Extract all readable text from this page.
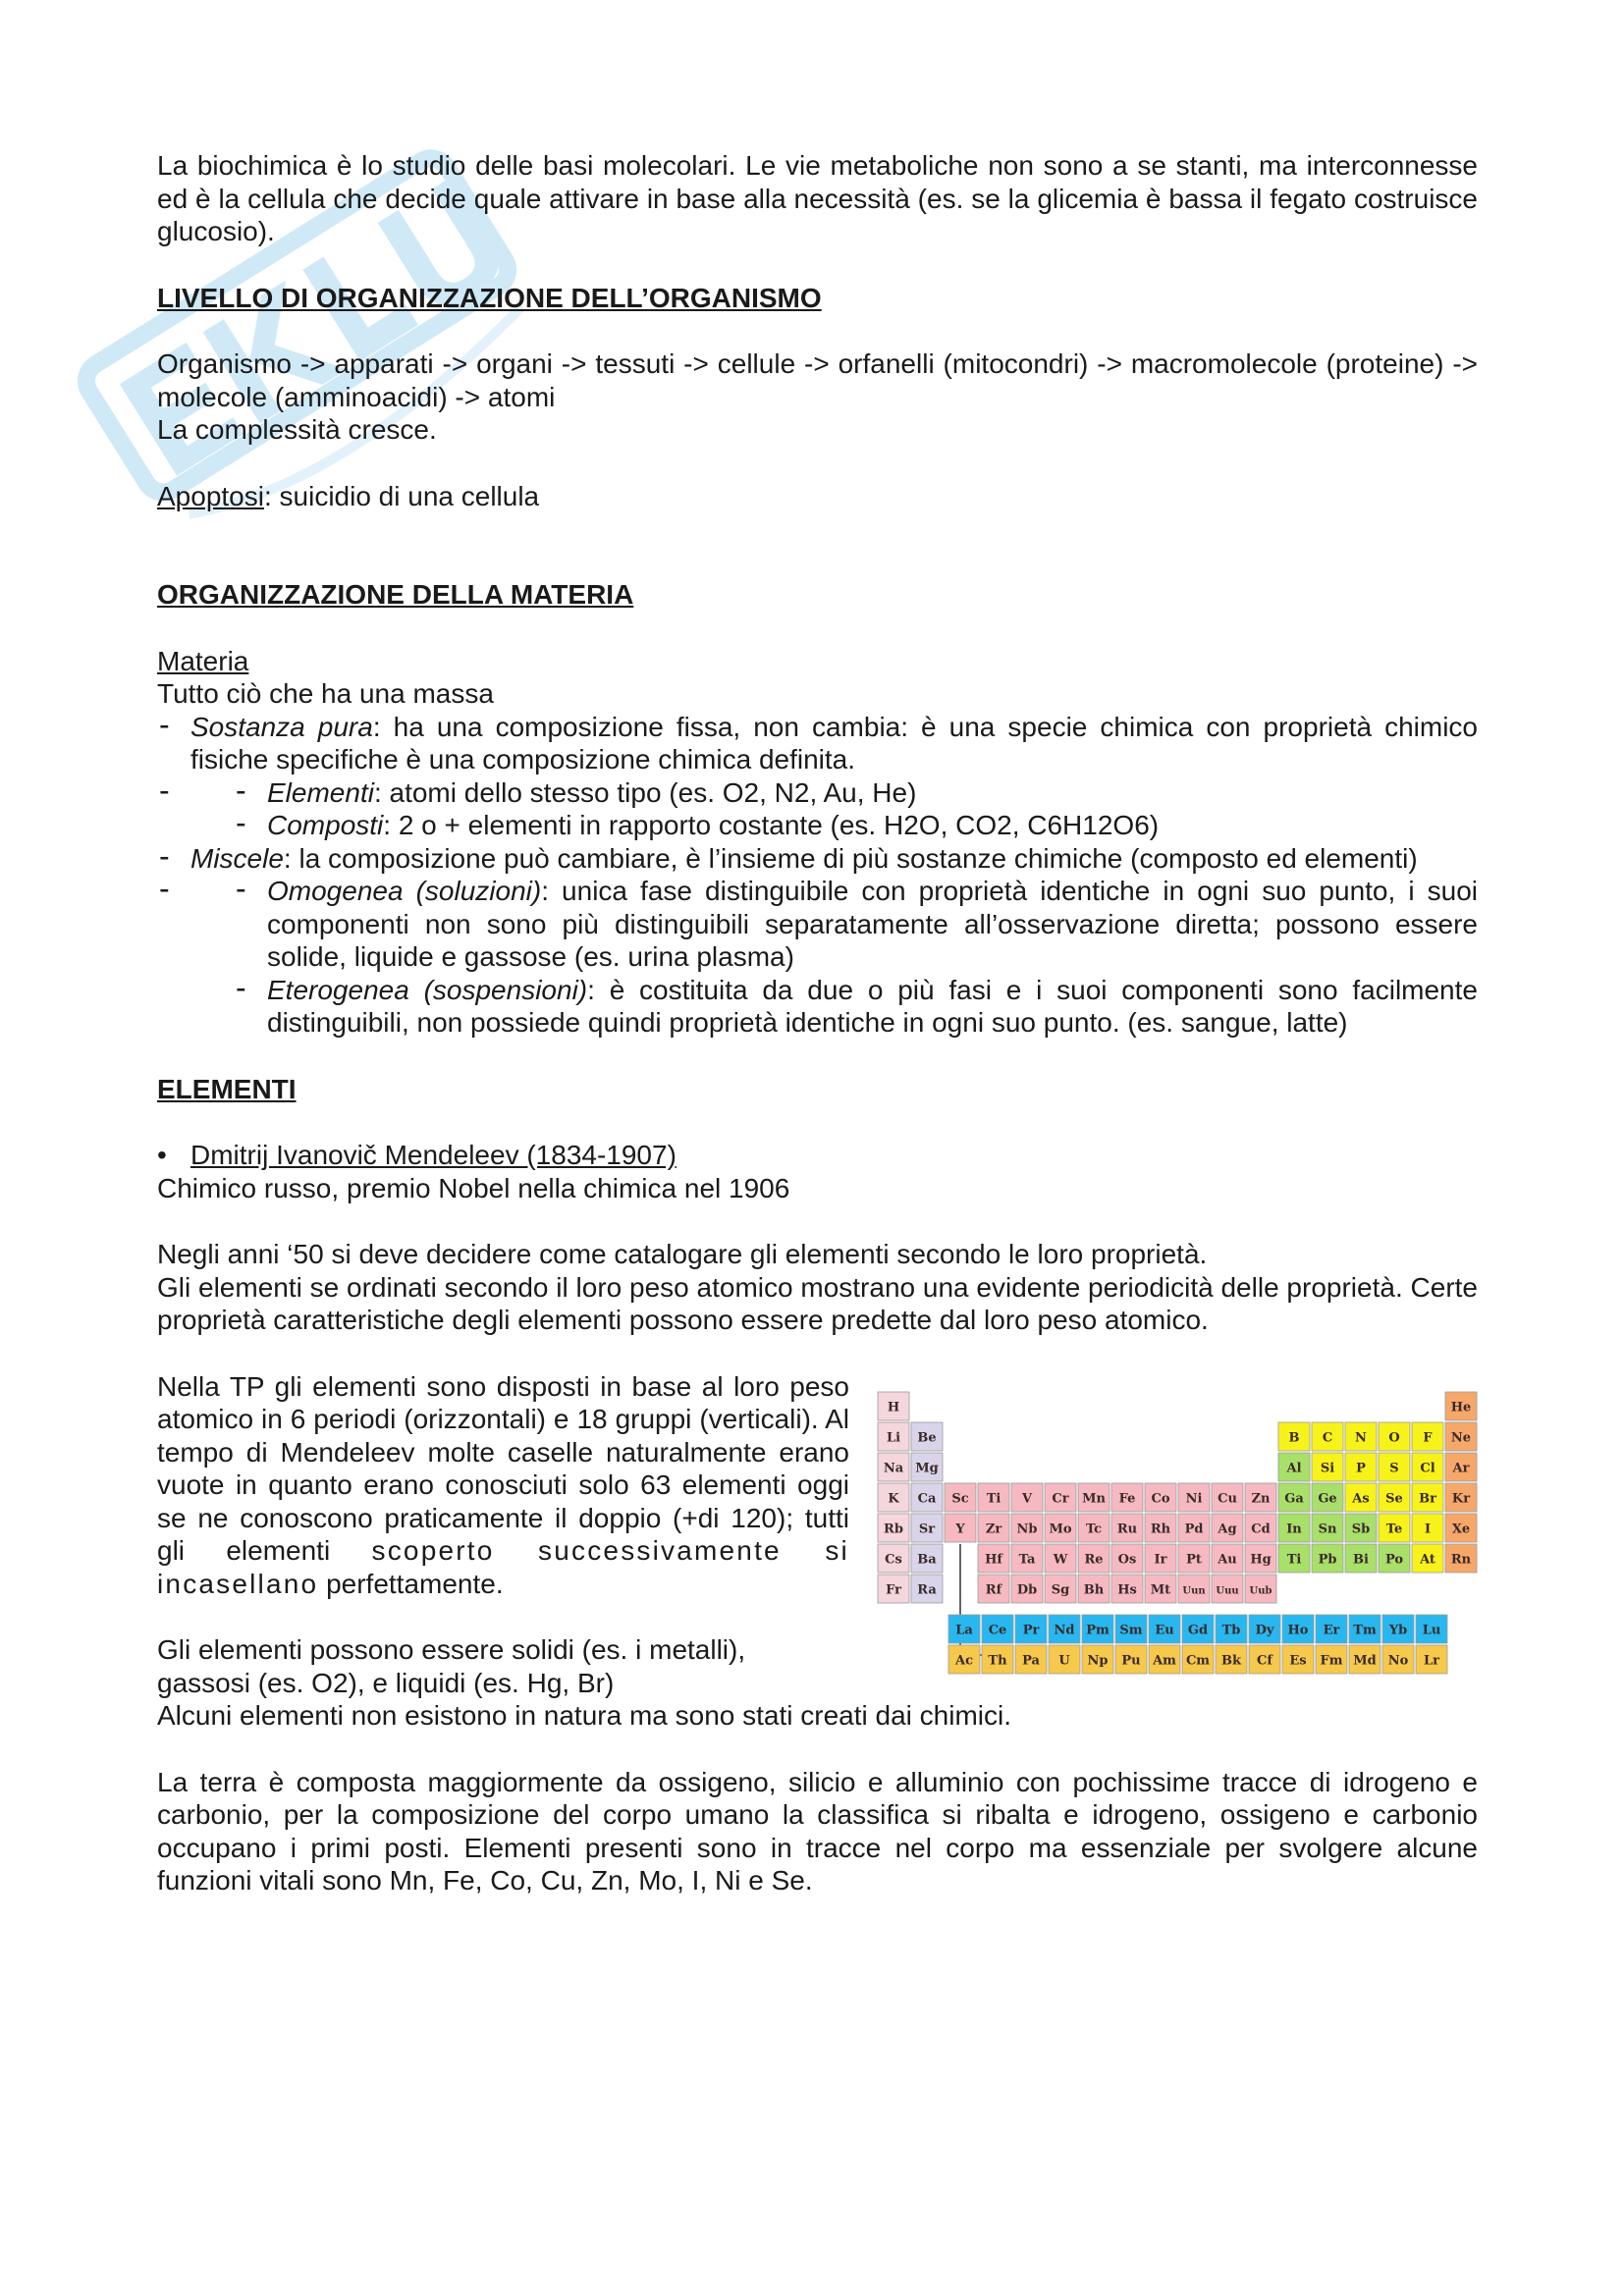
La biochimica è lo studio delle basi molecolari. Le vie metaboliche non sono a se stanti, ma interconnesse ed è la cellula che decide quale attivare in base alla necessità (es. se la glicemia è bassa il fegato costruisce glucosio).

LIVELLO DI ORGANIZZAZIONE DELL’ORGANISMO

Organismo -> apparati -> organi -> tessuti -> cellule -> orfanelli (mitocondri) -> macromolecole (proteine) -> molecole (amminoacidi) -> atomi

La complessità cresce.

Apoptosi: suicidio di una cellula

ORGANIZZAZIONE DELLA MATERIA

Materia

Tutto ciò che ha una massa

- Sostanza pura: ha una composizione fissa, non cambia: è una specie chimica con proprietà chimico fisiche specifiche è una composizione chimica definita.
- - Elementi: atomi dello stesso tipo (es. O2, N2, Au, He)
- Composti: 2 o + elementi in rapporto costante (es. H2O, CO2, C6H12O6)
- Miscele: la composizione può cambiare, è l’insieme di più sostanze chimiche (composto ed elementi)
- - Omogenea (soluzioni): unica fase distinguibile con proprietà identiche in ogni suo punto, i suoi componenti non sono più distinguibili separatamente all’osservazione diretta; possono essere solide, liquide e gassose (es. urina plasma)
- Eterogenea (sospensioni): è costituita da due o più fasi e i suoi componenti sono facilmente distinguibili, non possiede quindi proprietà identiche in ogni suo punto. (es. sangue, latte)

ELEMENTI

• Dmitrij Ivanovič Mendeleev (1834-1907)

Chimico russo, premio Nobel nella chimica nel 1906

Negli anni ‘50 si deve decidere come catalogare gli elementi secondo le loro proprietà.

Gli elementi se ordinati secondo il loro peso atomico mostrano una evidente periodicità delle proprietà. Certe proprietà caratteristiche degli elementi possono essere predette dal loro peso atomico.

Nella TP gli elementi sono disposti in base al loro peso atomico in 6 periodi (orizzontali) e 18 gruppi (verticali). Al tempo di Mendeleev molte caselle naturalmente erano vuote in quanto erano conosciuti solo 63 elementi oggi se ne conoscono praticamente il doppio (+di 120); tutti gli elementi scoperto successivamente si incasellano perfettamente.

Gli elementi possono essere solidi (es. i metalli),

gassosi (es. O2), e liquidi (es. Hg, Br)

H	He
Li Be	B C N O F Ne
Na Mg	Al Si P S Cl Ar
K Ca Sc Ti V Cr Mn Fe Co Ni Cu Zn Ga Ge As Se Br Kr
Rb Sr Y Zr Nb Mo Tc Ru Rh Pd Ag Cd In Sn Sb Te I Xe
Cs Ba	Hf Ta W Re Os Ir Pt Au Hg Ti Pb Bi Po At Rn
Fr Ra	Rf Db Sg Bh Hs Mt Uun Uuu Uub
La Ce Pr Nd Pm Sm Eu Gd Tb Dy Ho Er Tm Yb Lu
Ac Th Pa U Np Pu Am Cm Bk Cf Es Fm Md No Lr

Alcuni elementi non esistono in natura ma sono stati creati dai chimici.

La terra è composta maggiormente da ossigeno, silicio e alluminio con pochissime tracce di idrogeno e carbonio, per la composizione del corpo umano la classifica si ribalta e idrogeno, ossigeno e carbonio occupano i primi posti. Elementi presenti sono in tracce nel corpo ma essenziale per svolgere alcune funzioni vitali sono Mn, Fe, Co, Cu, Zn, Mo, I, Ni e Se.
